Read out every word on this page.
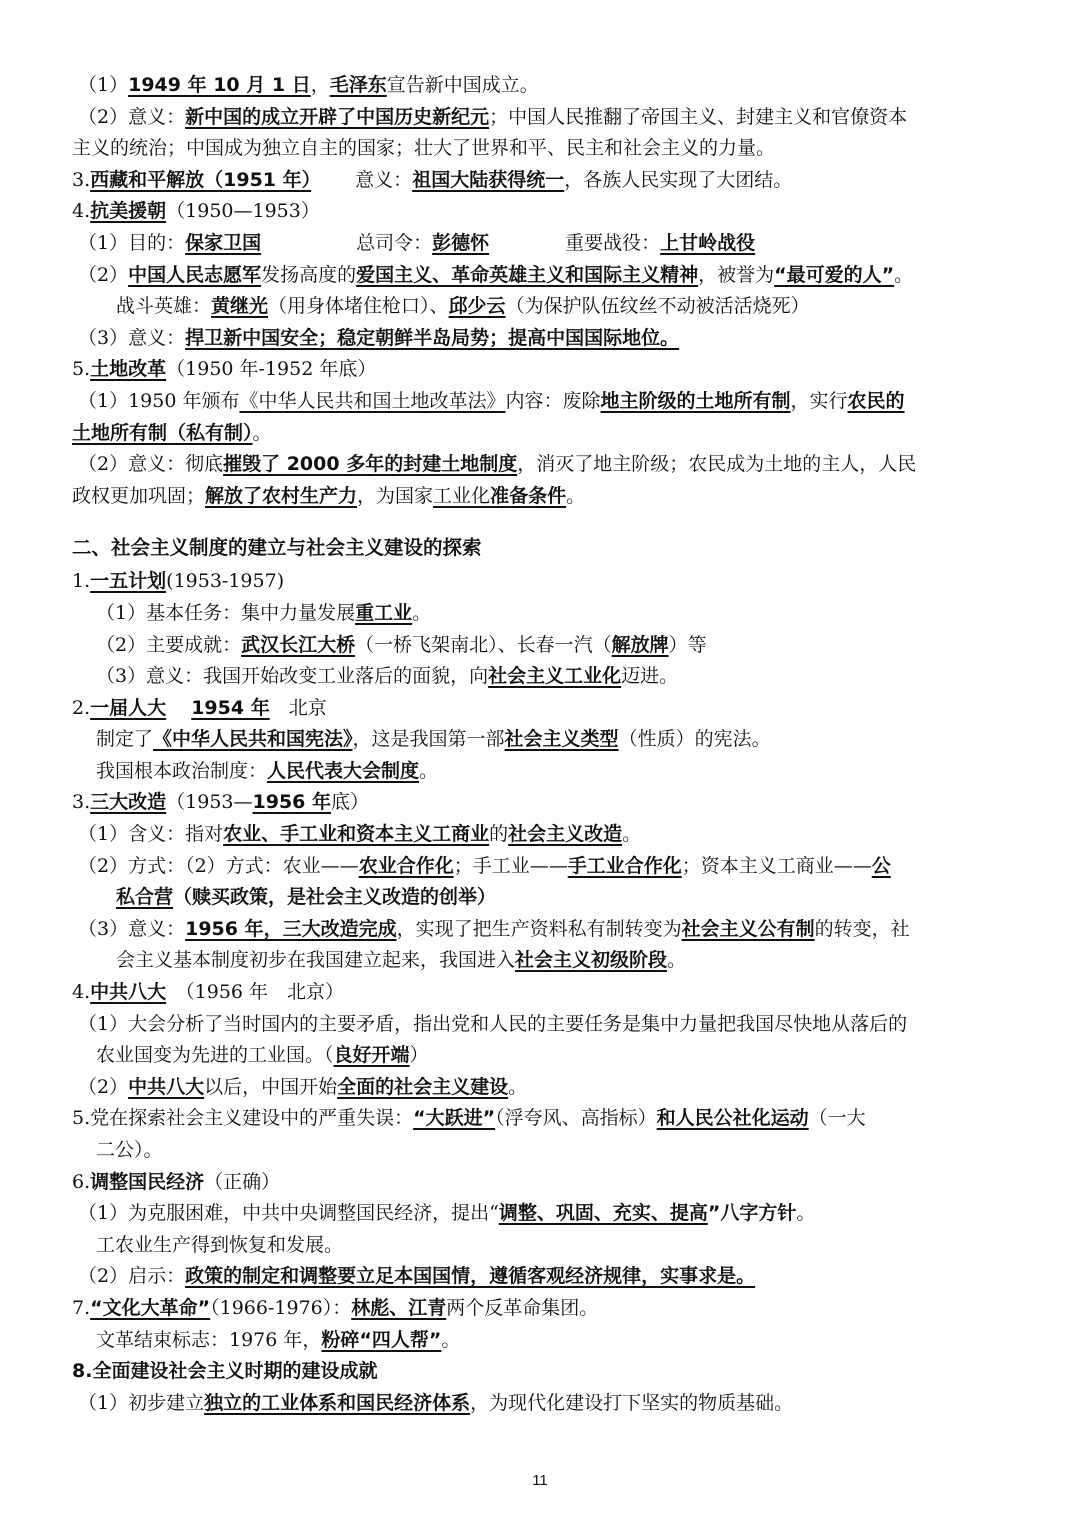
（1）1949 年 10 月 1 日，毛泽东宣告新中国成立。
（2）意义：新中国的成立开辟了中国历史新纪元；中国人民推翻了帝国主义、封建主义和官僚资本
主义的统治；中国成为独立自主的国家；壮大了世界和平、民主和社会主义的力量。
3.西藏和平解放（1951 年）　　 意义：祖国大陆获得统一，各族人民实现了大团结。
4.抗美援朝（1950—1953）
（1）目的：保家卫国　　　　　总司令：彭德怀　　　　重要战役：上甘岭战役
（2）中国人民志愿军发扬高度的爱国主义、革命英雄主义和国际主义精神，被誉为“最可爱的人”。
战斗英雄：黄继光（用身体堵住枪口）、邱少云（为保护队伍纹丝不动被活活烧死）
（3）意义：捍卫新中国安全；稳定朝鲜半岛局势；提高中国国际地位。
5.土地改革（1950 年-1952 年底）
（1）1950 年颁布《中华人民共和国土地改革法》内容：废除地主阶级的土地所有制，实行农民的
土地所有制（私有制）。
（2）意义：彻底摧毁了 2000 多年的封建土地制度，消灭了地主阶级；农民成为土地的主人，人民
政权更加巩固；解放了农村生产力，为国家工业化准备条件。
二、社会主义制度的建立与社会主义建设的探索
1.一五计划(1953-1957)
（1）基本任务：集中力量发展重工业。
（2）主要成就：武汉长江大桥（一桥飞架南北）、长春一汽（解放牌）等
（3）意义：我国开始改变工业落后的面貌，向社会主义工业化迈进。
2.一届人大　 1954 年　北京
制定了《中华人民共和国宪法》，这是我国第一部社会主义类型（性质）的宪法。
我国根本政治制度：人民代表大会制度。
3.三大改造（1953—1956 年底）
（1）含义：指对农业、手工业和资本主义工商业的社会主义改造。
（2）方式：（2）方式：农业——农业合作化；手工业——手工业合作化；资本主义工商业——公
私合营（赎买政策，是社会主义改造的创举）
（3）意义：1956 年，三大改造完成，实现了把生产资料私有制转变为社会主义公有制的转变，社
会主义基本制度初步在我国建立起来，我国进入社会主义初级阶段。
4.中共八大　（1956 年　北京）
（1）大会分析了当时国内的主要矛盾，指出党和人民的主要任务是集中力量把我国尽快地从落后的
农业国变为先进的工业国。（良好开端）
（2）中共八大以后，中国开始全面的社会主义建设。
5.党在探索社会主义建设中的严重失误：“大跃进”（浮夸风、高指标）和人民公社化运动（一大
二公）。
6.调整国民经济（正确）
（1）为克服困难，中共中央调整国民经济，提出“调整、巩固、充实、提高”八字方针。
工农业生产得到恢复和发展。
（2）启示：政策的制定和调整要立足本国国情，遵循客观经济规律，实事求是。
7.“文化大革命”（1966-1976）：林彪、江青两个反革命集团。
文革结束标志：1976 年，粉碎“四人帮”。
8.全面建设社会主义时期的建设成就
（1）初步建立独立的工业体系和国民经济体系，为现代化建设打下坚实的物质基础。
11
